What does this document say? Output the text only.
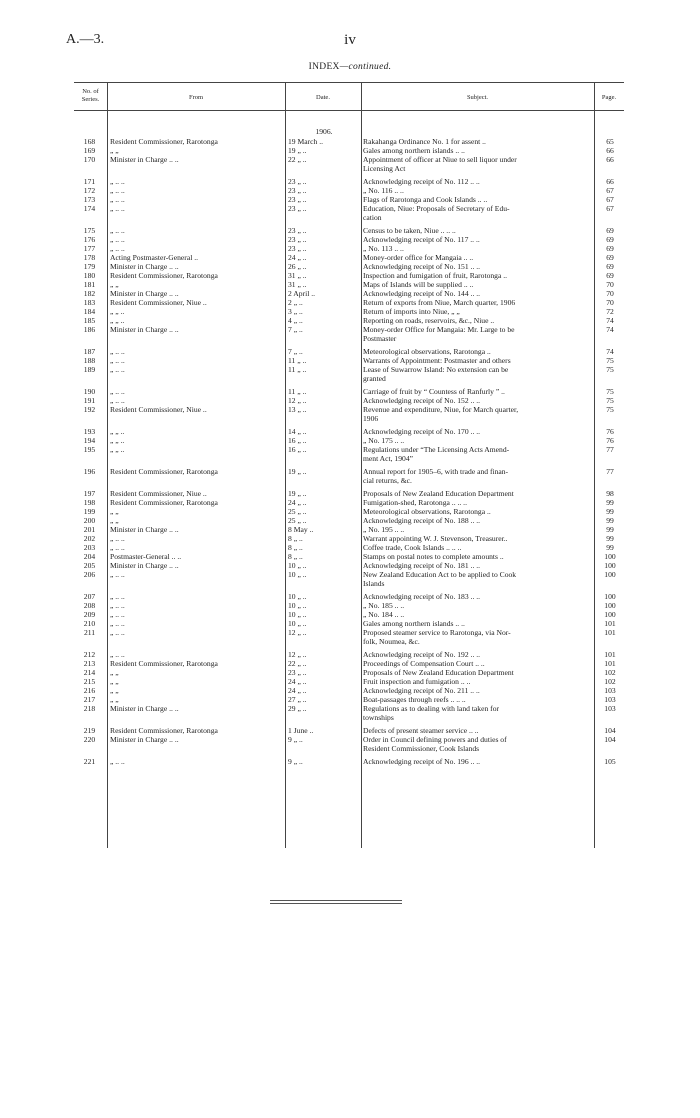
A.—3.	iv
INDEX—continued.
No. of Series.	From	Date.	Subject.	Page.
1906.
168	Resident Commissioner, Rarotonga	19 March ..	Rakahanga Ordinance No. 1 for assent ..	65
169	„ „	19 „ ..	Gales among northern islands .. ..	66
170	Minister in Charge .. ..	22 „ ..	Appointment of officer at Niue to sell liquor under	66
Licensing Act
171	„ .. ..	23 „ ..	Acknowledging receipt of No. 112 .. ..	66
172	„ .. ..	23 „ ..	„ No. 116 .. ..	67
173	„ .. ..	23 „ ..	Flags of Rarotonga and Cook Islands .. ..	67
174	„ .. ..	23 „ ..	Education, Niue: Proposals of Secretary of Edu-	67
cation
175	„ .. ..	23 „ ..	Census to be taken, Niue .. .. ..	69
176	„ .. ..	23 „ ..	Acknowledging receipt of No. 117 .. ..	69
177	„ .. ..	23 „ ..	„ No. 113 .. ..	69
178	Acting Postmaster-General ..	24 „ ..	Money-order office for Mangaia .. ..	69
179	Minister in Charge .. ..	26 „ ..	Acknowledging receipt of No. 151 .. ..	69
180	Resident Commissioner, Rarotonga	31 „ ..	Inspection and fumigation of fruit, Rarotonga ..	69
181	„ „	31 „ ..	Maps of Islands will be supplied .. ..	70
182	Minister in Charge .. ..	2 April ..	Acknowledging receipt of No. 144 .. ..	70
183	Resident Commissioner, Niue ..	2 „ ..	Return of exports from Niue, March quarter, 1906	70
184	„ „ ..	3 „ ..	Return of imports into Niue, „ „	72
185	„ „ ..	4 „ ..	Reporting on roads, reservoirs, &c., Niue ..	74
186	Minister in Charge .. ..	7 „ ..	Money-order Office for Mangaia: Mr. Large to be	74
Postmaster
187	„ .. ..	7 „ ..	Meteorological observations, Rarotonga ..	74
188	„ .. ..	11 „ ..	Warrants of Appointment: Postmaster and others	75
189	„ .. ..	11 „ ..	Lease of Suwarrow Island: No extension can be	75
granted
190	„ .. ..	11 „ ..	Carriage of fruit by “ Countess of Ranfurly ” ..	75
191	„ .. ..	12 „ ..	Acknowledging receipt of No. 152 .. ..	75
192	Resident Commissioner, Niue ..	13 „ ..	Revenue and expenditure, Niue, for March quarter,	75
1906
193	„ „ ..	14 „ ..	Acknowledging receipt of No. 170 .. ..	76
194	„ „ ..	16 „ ..	„ No. 175 .. ..	76
195	„ „ ..	16 „ ..	Regulations under “The Licensing Acts Amend-	77
ment Act, 1904”
196	Resident Commissioner, Rarotonga	19 „ ..	Annual report for 1905–6, with trade and finan-	77
cial returns, &c.
197	Resident Commissioner, Niue ..	19 „ ..	Proposals of New Zealand Education Department	98
198	Resident Commissioner, Rarotonga	24 „ ..	Fumigation-shed, Rarotonga .. .. ..	99
199	„ „	25 „ ..	Meteorological observations, Rarotonga ..	99
200	„ „	25 „ ..	Acknowledging receipt of No. 188 .. ..	99
201	Minister in Charge .. ..	8 May ..	„ No. 195 .. ..	99
202	„ .. ..	8 „ ..	Warrant appointing W. J. Stevenson, Treasurer..	99
203	„ .. ..	8 „ ..	Coffee trade, Cook Islands .. .. ..	99
204	Postmaster-General .. ..	8 „ ..	Stamps on postal notes to complete amounts ..	100
205	Minister in Charge .. ..	10 „ ..	Acknowledging receipt of No. 181 .. ..	100
206	„ .. ..	10 „ ..	New Zealand Education Act to be applied to Cook	100
Islands
207	„ .. ..	10 „ ..	Acknowledging receipt of No. 183 .. ..	100
208	„ .. ..	10 „ ..	„ No. 185 .. ..	100
209	„ .. ..	10 „ ..	„ No. 184 .. ..	100
210	„ .. ..	10 „ ..	Gales among northern islands .. ..	101
211	„ .. ..	12 „ ..	Proposed steamer service to Rarotonga, via Nor-	101
folk, Noumea, &c.
212	„ .. ..	12 „ ..	Acknowledging receipt of No. 192 .. ..	101
213	Resident Commissioner, Rarotonga	22 „ ..	Proceedings of Compensation Court .. ..	101
214	„ „	23 „ ..	Proposals of New Zealand Education Department	102
215	„ „	24 „ ..	Fruit inspection and fumigation .. ..	102
216	„ „	24 „ ..	Acknowledging receipt of No. 211 .. ..	103
217	„ „	27 „ ..	Boat-passages through reefs .. .. ..	103
218	Minister in Charge .. ..	29 „ ..	Regulations as to dealing with land taken for	103
townships
219	Resident Commissioner, Rarotonga	1 June ..	Defects of present steamer service .. ..	104
220	Minister in Charge .. ..	9 „ ..	Order in Council defining powers and duties of	104
Resident Commissioner, Cook Islands
221	„ .. ..	9 „ ..	Acknowledging receipt of No. 196 .. ..	105
